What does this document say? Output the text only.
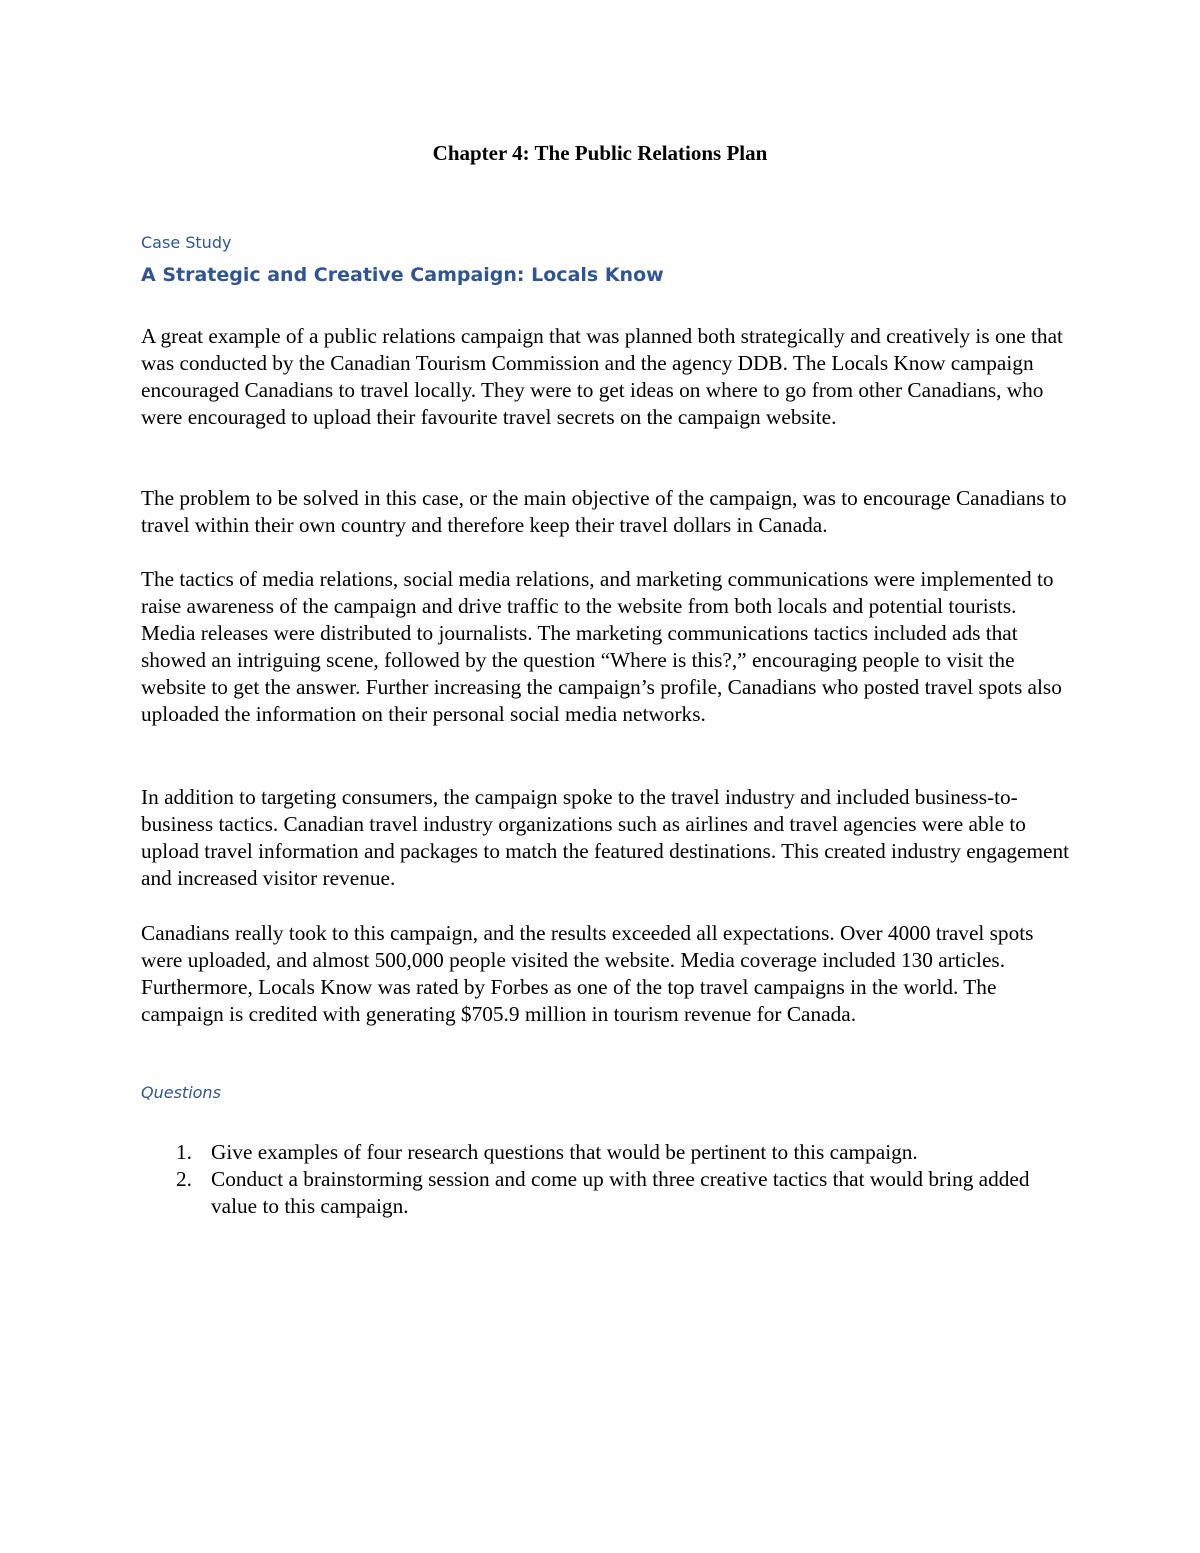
Chapter 4: The Public Relations Plan

Case Study

A Strategic and Creative Campaign: Locals Know

A great example of a public relations campaign that was planned both strategically and creatively is one that was conducted by the Canadian Tourism Commission and the agency DDB. The Locals Know campaign encouraged Canadians to travel locally. They were to get ideas on where to go from other Canadians, who were encouraged to upload their favourite travel secrets on the campaign website.

The problem to be solved in this case, or the main objective of the campaign, was to encourage Canadians to travel within their own country and therefore keep their travel dollars in Canada.

The tactics of media relations, social media relations, and marketing communications were implemented to raise awareness of the campaign and drive traffic to the website from both locals and potential tourists. Media releases were distributed to journalists. The marketing communications tactics included ads that showed an intriguing scene, followed by the question “Where is this?,” encouraging people to visit the website to get the answer. Further increasing the campaign’s profile, Canadians who posted travel spots also uploaded the information on their personal social media networks.

In addition to targeting consumers, the campaign spoke to the travel industry and included business-to-business tactics. Canadian travel industry organizations such as airlines and travel agencies were able to upload travel information and packages to match the featured destinations. This created industry engagement and increased visitor revenue.

Canadians really took to this campaign, and the results exceeded all expectations. Over 4000 travel spots were uploaded, and almost 500,000 people visited the website. Media coverage included 130 articles. Furthermore, Locals Know was rated by Forbes as one of the top travel campaigns in the world. The campaign is credited with generating $705.9 million in tourism revenue for Canada.

Questions

1. Give examples of four research questions that would be pertinent to this campaign.
2. Conduct a brainstorming session and come up with three creative tactics that would bring added value to this campaign.
